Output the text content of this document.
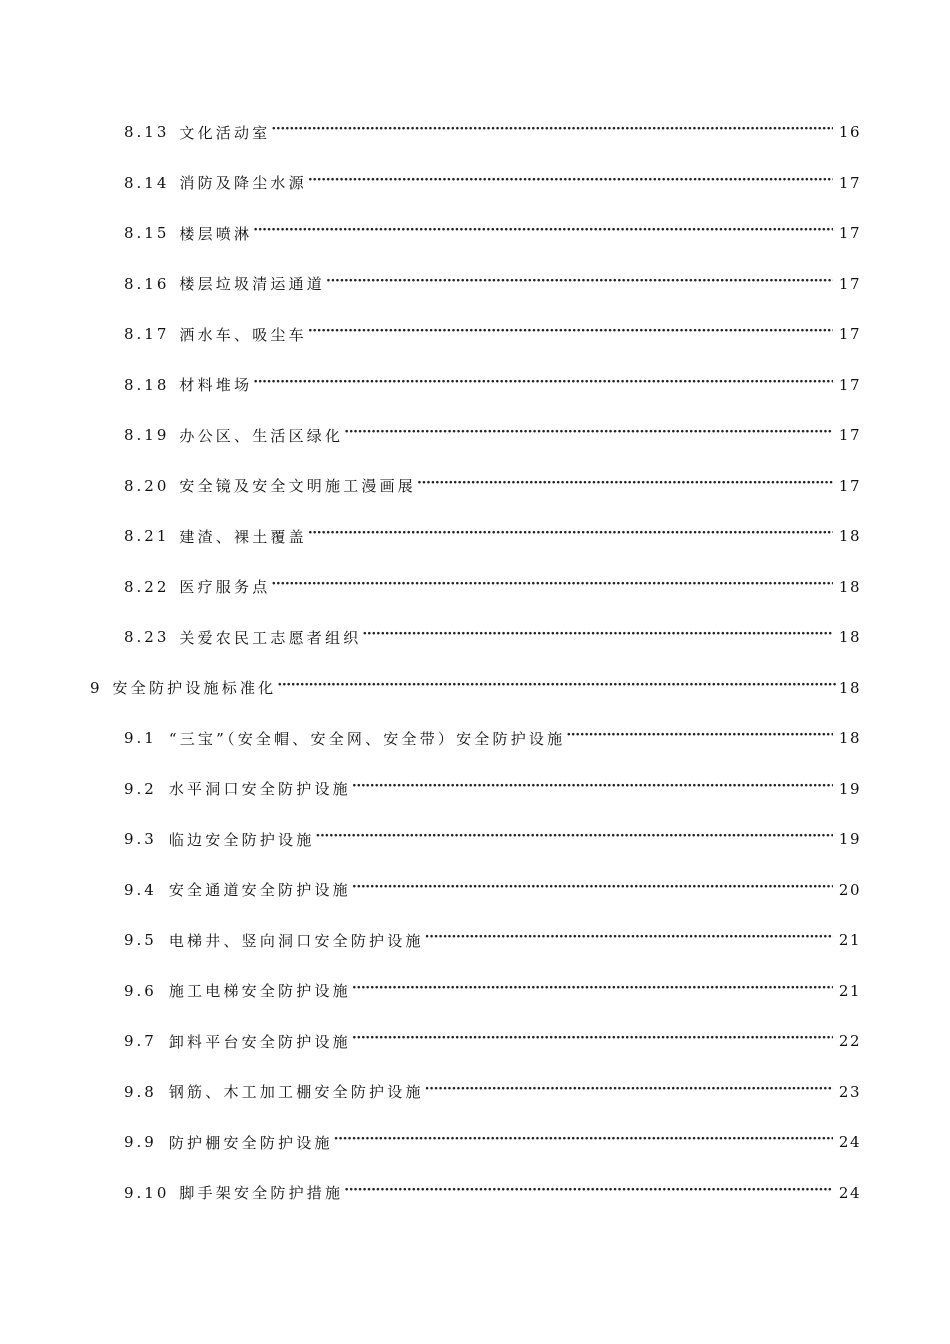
8.13 文化活动室 ·····	16
8.14 消防及降尘水源 ·····	17
8.15 楼层喷淋 ·····	17
8.16 楼层垃圾清运通道 ·····	17
8.17 洒水车、吸尘车 ·····	17
8.18 材料堆场 ·····	17
8.19 办公区、生活区绿化 ·····	17
8.20 安全镜及安全文明施工漫画展 ·····	17
8.21 建渣、裸土覆盖 ·····	18
8.22 医疗服务点 ·····	18
8.23 关爱农民工志愿者组织 ·····	18
9 安全防护设施标准化 ·····	18
9.1 “三宝”（安全帽、安全网、安全带）安全防护设施 ·····	18
9.2 水平洞口安全防护设施 ·····	19
9.3 临边安全防护设施 ·····	19
9.4 安全通道安全防护设施 ·····	20
9.5 电梯井、竖向洞口安全防护设施 ·····	21
9.6 施工电梯安全防护设施 ·····	21
9.7 卸料平台安全防护设施 ·····	22
9.8 钢筋、木工加工棚安全防护设施 ·····	23
9.9 防护棚安全防护设施 ·····	24
9.10 脚手架安全防护措施 ·····	24
